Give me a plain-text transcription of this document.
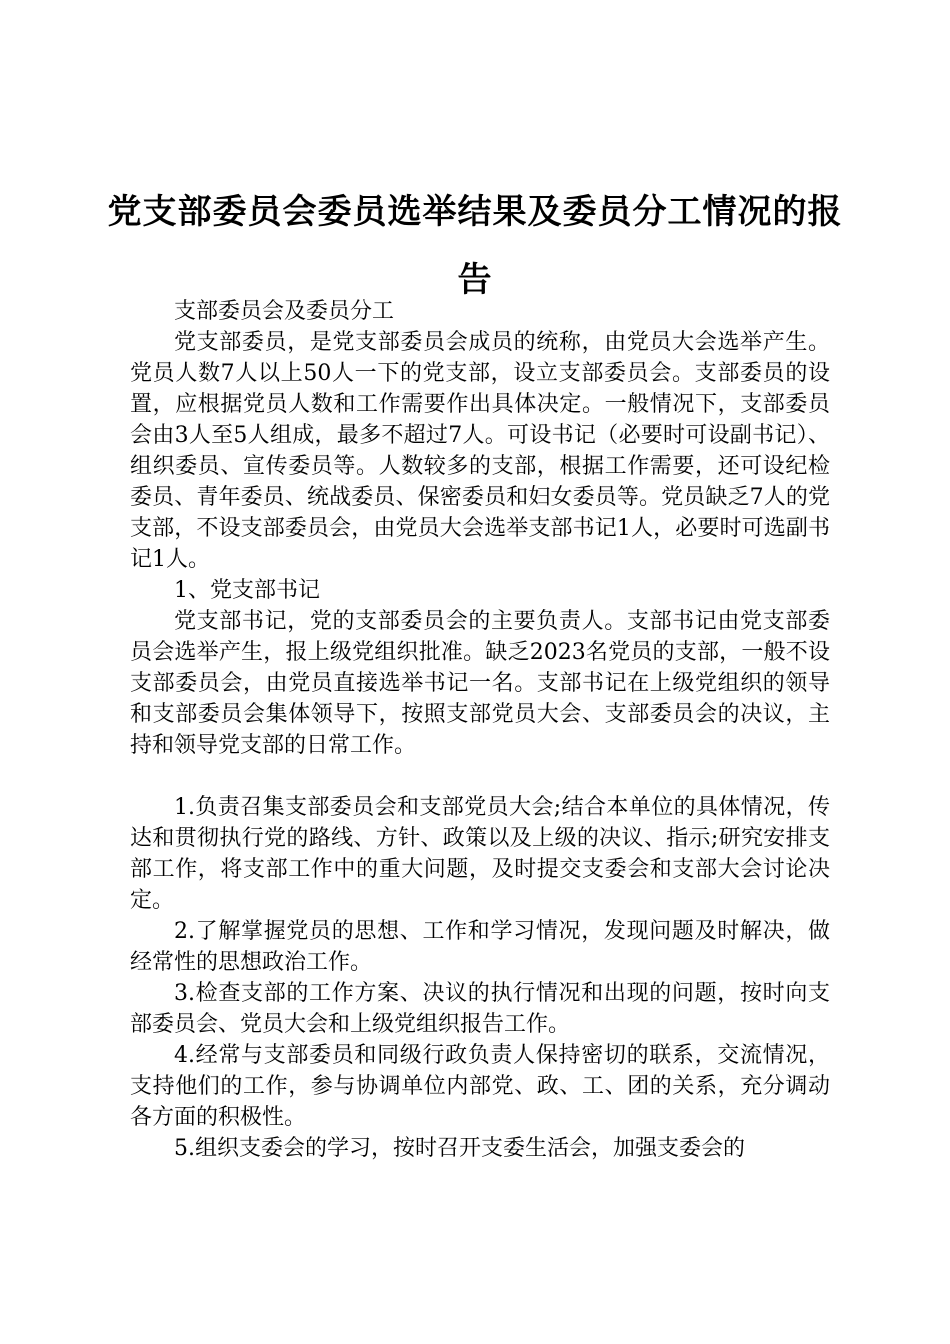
党支部委员会委员选举结果及委员分工情况的报告

支部委员会及委员分工

党支部委员，是党支部委员会成员的统称，由党员大会选举产生。党员人数7人以上50人一下的党支部，设立支部委员会。支部委员的设置，应根据党员人数和工作需要作出具体决定。一般情况下，支部委员会由3人至5人组成，最多不超过7人。可设书记（必要时可设副书记）、组织委员、宣传委员等。人数较多的支部，根据工作需要，还可设纪检委员、青年委员、统战委员、保密委员和妇女委员等。党员缺乏7人的党支部，不设支部委员会，由党员大会选举支部书记1人，必要时可选副书记1人。

1、党支部书记

党支部书记，党的支部委员会的主要负责人。支部书记由党支部委员会选举产生，报上级党组织批准。缺乏2023名党员的支部，一般不设支部委员会，由党员直接选举书记一名。支部书记在上级党组织的领导和支部委员会集体领导下，按照支部党员大会、支部委员会的决议，主持和领导党支部的日常工作。

1.负责召集支部委员会和支部党员大会;结合本单位的具体情况，传达和贯彻执行党的路线、方针、政策以及上级的决议、指示;研究安排支部工作，将支部工作中的重大问题，及时提交支委会和支部大会讨论决定。

2.了解掌握党员的思想、工作和学习情况，发现问题及时解决，做经常性的思想政治工作。

3.检查支部的工作方案、决议的执行情况和出现的问题，按时向支部委员会、党员大会和上级党组织报告工作。

4.经常与支部委员和同级行政负责人保持密切的联系，交流情况，支持他们的工作，参与协调单位内部党、政、工、团的关系，充分调动各方面的积极性。

5.组织支委会的学习，按时召开支委生活会，加强支委会的
